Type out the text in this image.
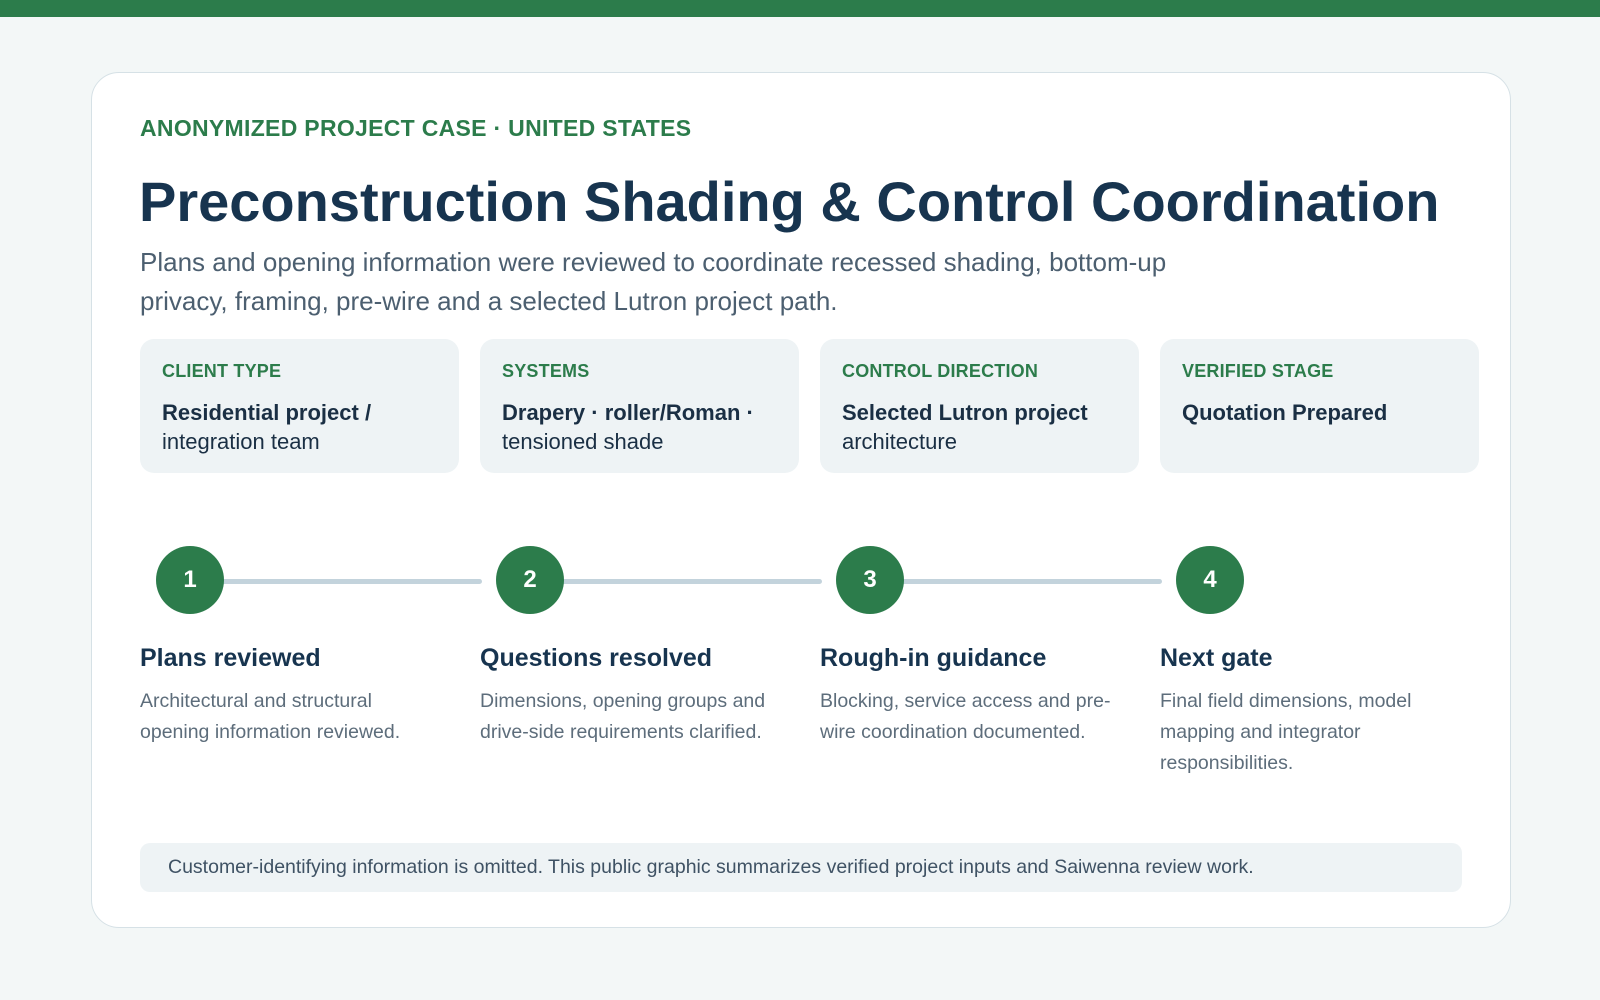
ANONYMIZED PROJECT CASE · UNITED STATES
Preconstruction Shading & Control Coordination
Plans and opening information were reviewed to coordinate recessed shading, bottom-up privacy, framing, pre-wire and a selected Lutron project path.
CLIENT TYPE
Residential project /
integration team
SYSTEMS
Drapery · roller/Roman ·
tensioned shade
CONTROL DIRECTION
Selected Lutron project
architecture
VERIFIED STAGE
Quotation Prepared

1	2	3	4
Plans reviewed	Questions resolved	Rough-in guidance	Next gate
Architectural and structural opening information reviewed.
Dimensions, opening groups and drive-side requirements clarified.
Blocking, service access and pre-wire coordination documented.
Final field dimensions, model mapping and integrator responsibilities.
Customer-identifying information is omitted. This public graphic summarizes verified project inputs and Saiwenna review work.
